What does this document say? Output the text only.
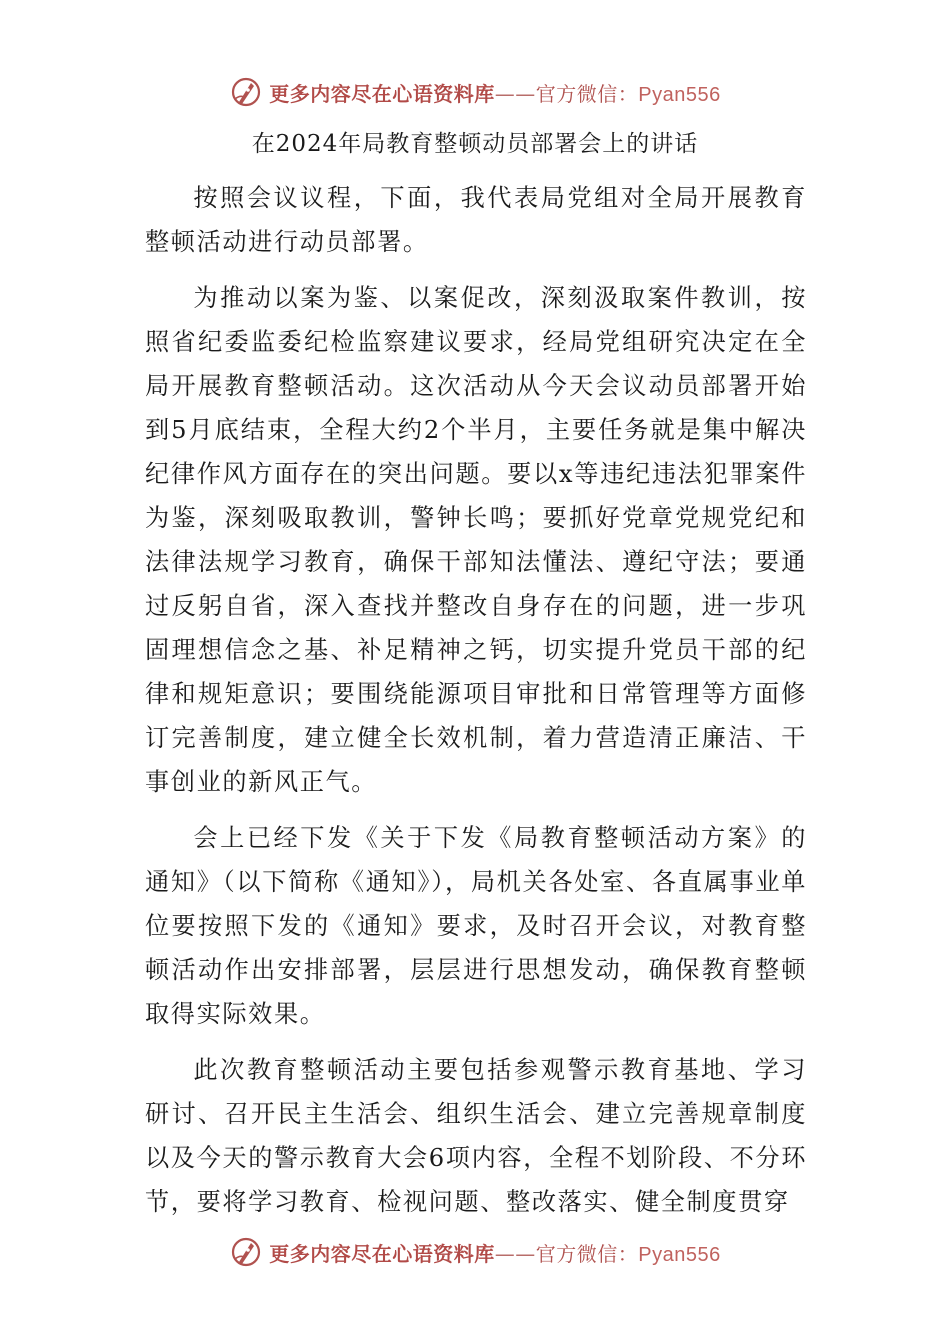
更多内容尽在心语资料库——官方微信：Pyan556
在2024年局教育整顿动员部署会上的讲话

按照会议议程，下面，我代表局党组对全局开展教育整顿活动进行动员部署。

为推动以案为鉴、以案促改，深刻汲取案件教训，按照省纪委监委纪检监察建议要求，经局党组研究决定在全局开展教育整顿活动。这次活动从今天会议动员部署开始到5月底结束，全程大约2个半月，主要任务就是集中解决纪律作风方面存在的突出问题。要以x等违纪违法犯罪案件为鉴，深刻吸取教训，警钟长鸣；要抓好党章党规党纪和法律法规学习教育，确保干部知法懂法、遵纪守法；要通过反躬自省，深入查找并整改自身存在的问题，进一步巩固理想信念之基、补足精神之钙，切实提升党员干部的纪律和规矩意识；要围绕能源项目审批和日常管理等方面修订完善制度，建立健全长效机制，着力营造清正廉洁、干事创业的新风正气。

会上已经下发《关于下发《局教育整顿活动方案》的通知》（以下简称《通知》），局机关各处室、各直属事业单位要按照下发的《通知》要求，及时召开会议，对教育整顿活动作出安排部署，层层进行思想发动，确保教育整顿取得实际效果。

此次教育整顿活动主要包括参观警示教育基地、学习研讨、召开民主生活会、组织生活会、建立完善规章制度以及今天的警示教育大会6项内容，全程不划阶段、不分环节，要将学习教育、检视问题、整改落实、健全制度贯穿

更多内容尽在心语资料库——官方微信：Pyan556
